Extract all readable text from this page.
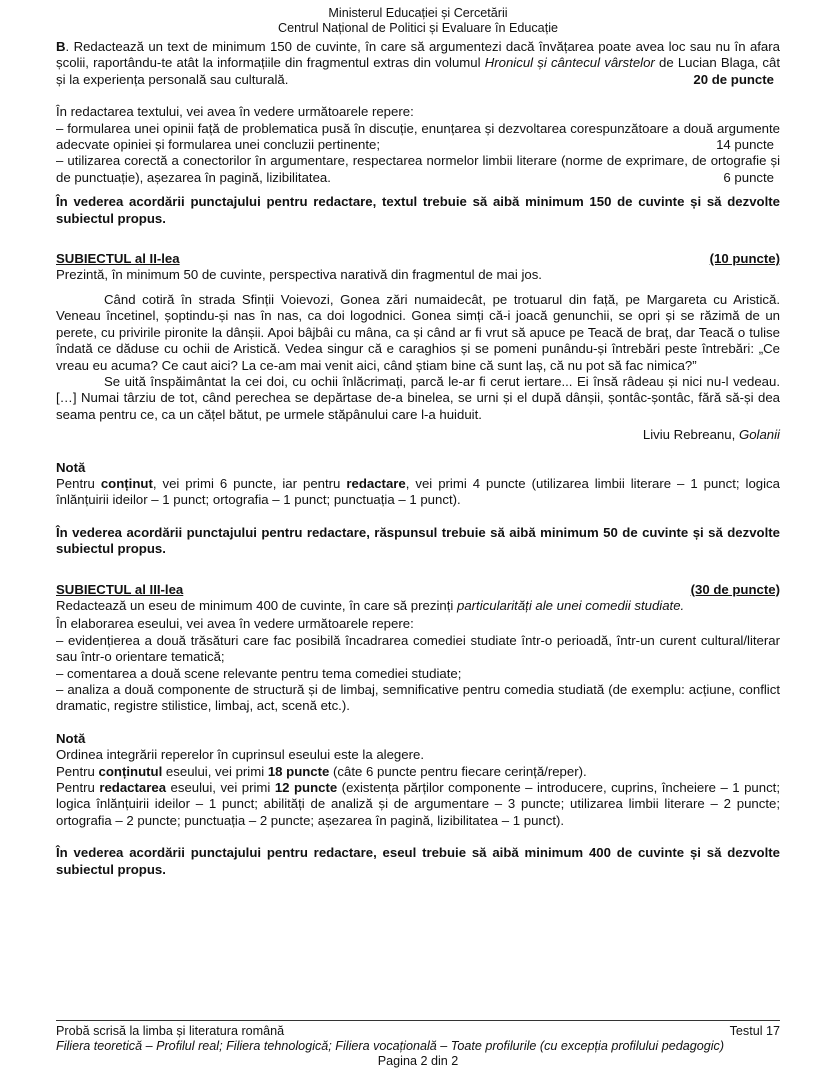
Ministerul Educației și Cercetării
Centrul Național de Politici și Evaluare în Educație

B. Redactează un text de minimum 150 de cuvinte, în care să argumentezi dacă învățarea poate avea loc sau nu în afara școlii, raportându-te atât la informațiile din fragmentul extras din volumul Hronicul și cântecul vârstelor de Lucian Blaga, cât și la experiența personală sau culturală.	20 de puncte

În redactarea textului, vei avea în vedere următoarele repere:

– formularea unei opinii față de problematica pusă în discuție, enunțarea și dezvoltarea corespunzătoare a două argumente adecvate opiniei și formularea unei concluzii pertinente;	14 puncte

– utilizarea corectă a conectorilor în argumentare, respectarea normelor limbii literare (norme de exprimare, de ortografie și de punctuație), așezarea în pagină, lizibilitatea.	6 puncte

În vederea acordării punctajului pentru redactare, textul trebuie să aibă minimum 150 de cuvinte și să dezvolte subiectul propus.

SUBIECTUL al II-lea	(10 puncte)

Prezintă, în minimum 50 de cuvinte, perspectiva narativă din fragmentul de mai jos.

Când cotiră în strada Sfinții Voievozi, Gonea zări numaidecât, pe trotuarul din față, pe Margareta cu Aristică. Veneau încetinel, șoptindu-și nas în nas, ca doi logodnici. Gonea simți că-i joacă genunchii, se opri și se răzimă de un perete, cu privirile pironite la dânșii. Apoi bâjbâi cu mâna, ca și când ar fi vrut să apuce pe Teacă de braț, dar Teacă o tulise îndată ce dăduse cu ochii de Aristică. Vedea singur că e caraghios și se pomeni punându-și întrebări peste întrebări: „Ce vreau eu acuma? Ce caut aici? La ce-am mai venit aici, când știam bine că sunt laș, că nu pot să fac nimica?”

Se uită înspăimântat la cei doi, cu ochii înlăcrimați, parcă le-ar fi cerut iertare... Ei însă râdeau și nici nu-l vedeau. […] Numai târziu de tot, când perechea se depărtase de-a binelea, se urni și el după dânșii, șontâc-șontâc, fără să-și dea seama pentru ce, ca un cățel bătut, pe urmele stăpânului care l-a huiduit.

Liviu Rebreanu, Golanii

Notă

Pentru conținut, vei primi 6 puncte, iar pentru redactare, vei primi 4 puncte (utilizarea limbii literare – 1 punct; logica înlănțuirii ideilor – 1 punct; ortografia – 1 punct; punctuația – 1 punct).

În vederea acordării punctajului pentru redactare, răspunsul trebuie să aibă minimum 50 de cuvinte și să dezvolte subiectul propus.

SUBIECTUL al III-lea	(30 de puncte)

Redactează un eseu de minimum 400 de cuvinte, în care să prezinți particularități ale unei comedii studiate.

În elaborarea eseului, vei avea în vedere următoarele repere:

– evidențierea a două trăsături care fac posibilă încadrarea comediei studiate într-o perioadă, într-un curent cultural/literar sau într-o orientare tematică;

– comentarea a două scene relevante pentru tema comediei studiate;

– analiza a două componente de structură și de limbaj, semnificative pentru comedia studiată (de exemplu: acțiune, conflict dramatic, registre stilistice, limbaj, act, scenă etc.).

Notă

Ordinea integrării reperelor în cuprinsul eseului este la alegere.

Pentru conținutul eseului, vei primi 18 puncte (câte 6 puncte pentru fiecare cerință/reper).

Pentru redactarea eseului, vei primi 12 puncte (existența părților componente – introducere, cuprins, încheiere – 1 punct; logica înlănțuirii ideilor – 1 punct; abilități de analiză și de argumentare – 3 puncte; utilizarea limbii literare – 2 puncte; ortografia – 2 puncte; punctuația – 2 puncte; așezarea în pagină, lizibilitatea – 1 punct).

În vederea acordării punctajului pentru redactare, eseul trebuie să aibă minimum 400 de cuvinte și să dezvolte subiectul propus.

Probă scrisă la limba și literatura română	Testul 17
Filiera teoretică – Profilul real; Filiera tehnologică; Filiera vocațională – Toate profilurile (cu excepția profilului pedagogic)
Pagina 2 din 2
